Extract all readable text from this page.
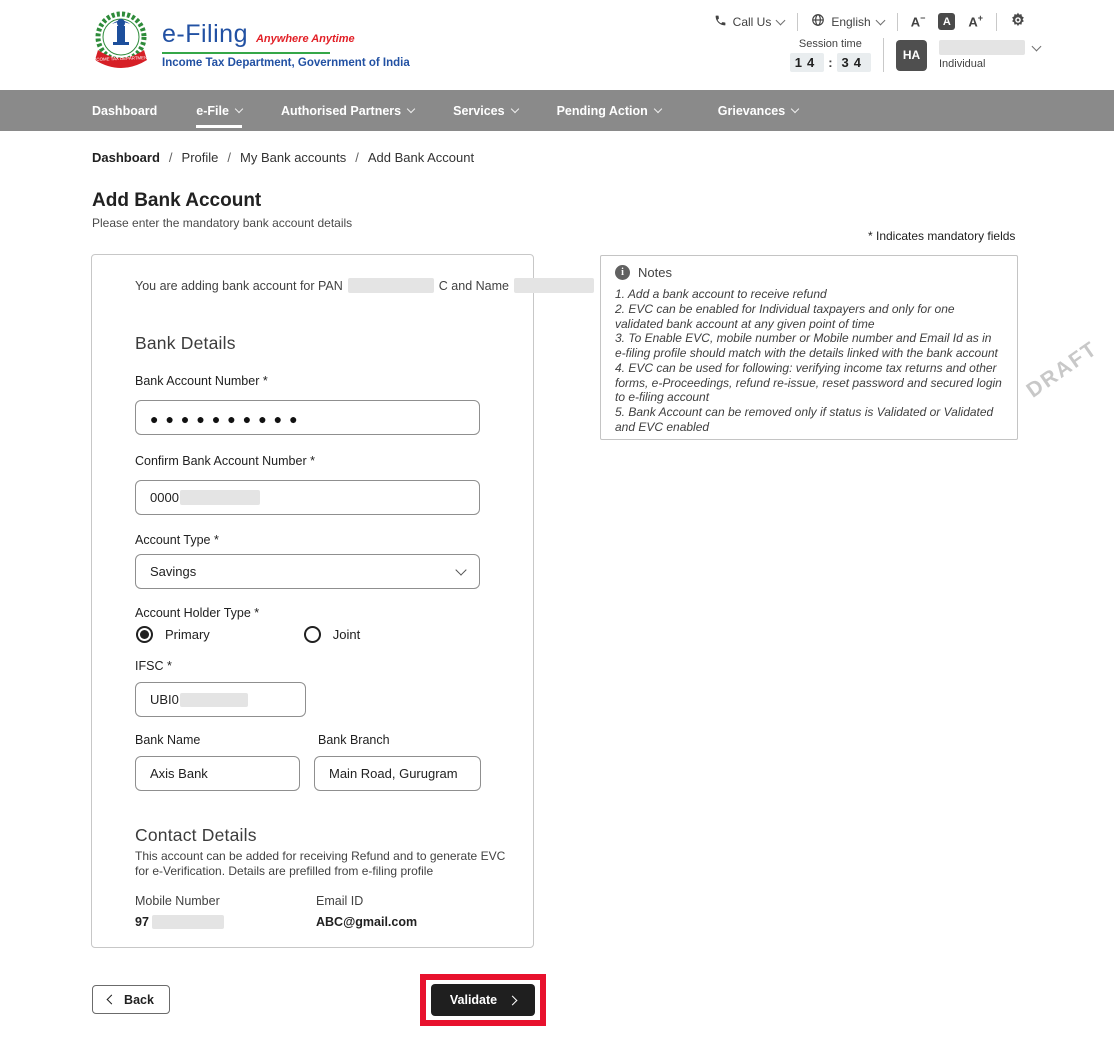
INCOME TAX DEPARTMENT
e-Filing Anywhere Anytime
Income Tax Department, Government of India
Call Us	English	A− A A+
Session time
14 : 34	HA
Individual
Dashboard	e-File	Authorised Partners	Services	Pending Action	Grievances
Dashboard / Profile / My Bank accounts / Add Bank Account
Add Bank Account
Please enter the mandatory bank account details
* Indicates mandatory fields
You are adding bank account for PAN	C and Name
Bank Details
Bank Account Number *
●●●●●●●●●●
Confirm Bank Account Number *
0000
Account Type *
Savings
Account Holder Type *
Primary	Joint
IFSC *
UBI0
Bank Name	Bank Branch
Axis Bank	Main Road, Gurugram
Contact Details
This account can be added for receiving Refund and to generate EVC for e-Verification. Details are prefilled from e-filing profile
Mobile Number
97
Email ID
ABC@gmail.com
i	Notes
1. Add a bank account to receive refund
2. EVC can be enabled for Individual taxpayers and only for one validated bank account at any given point of time
3. To Enable EVC, mobile number or Mobile number and Email Id as in e-filing profile should match with the details linked with the bank account
4. EVC can be used for following: verifying income tax returns and other forms, e-Proceedings, refund re-issue, reset password and secured login to e-filing account
5. Bank Account can be removed only if status is Validated or Validated and EVC enabled
DRAFT
Back	Validate
